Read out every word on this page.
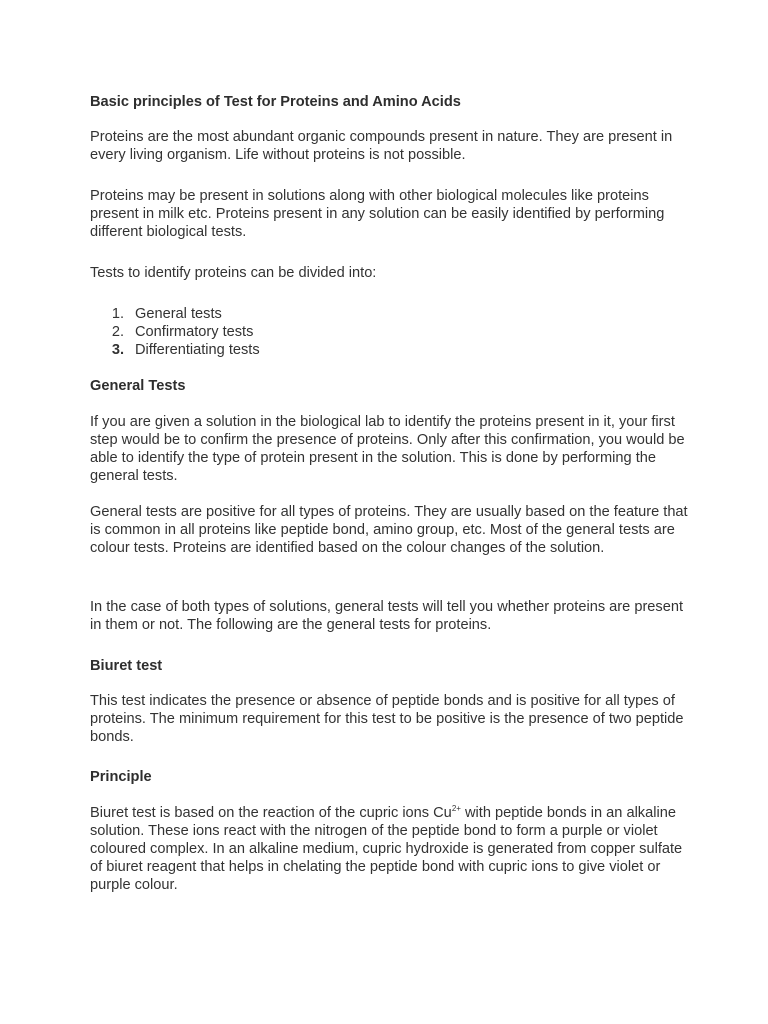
Basic principles of Test for Proteins and Amino Acids

Proteins are the most abundant organic compounds present in nature. They are present in every living organism. Life without proteins is not possible.

Proteins may be present in solutions along with other biological molecules like proteins present in milk etc. Proteins present in any solution can be easily identified by performing different biological tests.

Tests to identify proteins can be divided into:

1. General tests
2. Confirmatory tests
3. Differentiating tests

General Tests

If you are given a solution in the biological lab to identify the proteins present in it, your first step would be to confirm the presence of proteins. Only after this confirmation, you would be able to identify the type of protein present in the solution. This is done by performing the general tests.

General tests are positive for all types of proteins. They are usually based on the feature that is common in all proteins like peptide bond, amino group, etc. Most of the general tests are colour tests. Proteins are identified based on the colour changes of the solution.

In the case of both types of solutions, general tests will tell you whether proteins are present in them or not. The following are the general tests for proteins.

Biuret test

This test indicates the presence or absence of peptide bonds and is positive for all types of proteins. The minimum requirement for this test to be positive is the presence of two peptide bonds.

Principle

Biuret test is based on the reaction of the cupric ions $Cu^{2+}$ with peptide bonds in an alkaline solution. These ions react with the nitrogen of the peptide bond to form a purple or violet coloured complex. In an alkaline medium, cupric hydroxide is generated from copper sulfate of biuret reagent that helps in chelating the peptide bond with cupric ions to give violet or purple colour.
